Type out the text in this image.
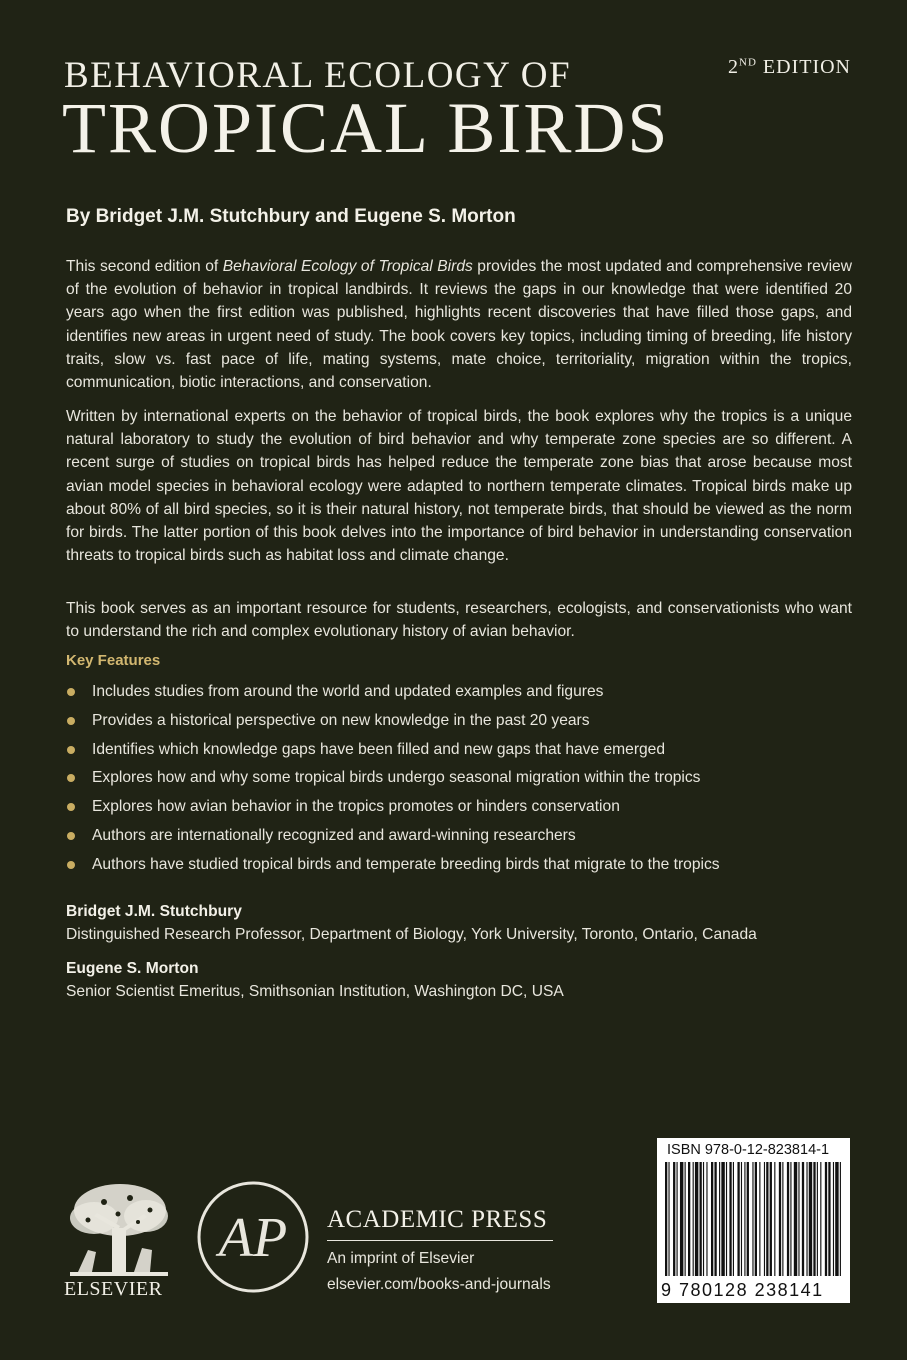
BEHAVIORAL ECOLOGY OF
TROPICAL BIRDS
2ND EDITION
By Bridget J.M. Stutchbury and Eugene S. Morton

This second edition of Behavioral Ecology of Tropical Birds provides the most updated and comprehensive review of the evolution of behavior in tropical landbirds. It reviews the gaps in our knowledge that were identified 20 years ago when the first edition was published, highlights recent discoveries that have filled those gaps, and identifies new areas in urgent need of study. The book covers key topics, including timing of breeding, life history traits, slow vs. fast pace of life, mating systems, mate choice, territoriality, migration within the tropics, communication, biotic interactions, and conservation.

Written by international experts on the behavior of tropical birds, the book explores why the tropics is a unique natural laboratory to study the evolution of bird behavior and why temperate zone species are so different. A recent surge of studies on tropical birds has helped reduce the temperate zone bias that arose because most avian model species in behavioral ecology were adapted to northern temperate climates. Tropical birds make up about 80% of all bird species, so it is their natural history, not temperate birds, that should be viewed as the norm for birds. The latter portion of this book delves into the importance of bird behavior in understanding conservation threats to tropical birds such as habitat loss and climate change.

This book serves as an important resource for students, researchers, ecologists, and conservationists who want to understand the rich and complex evolutionary history of avian behavior.

Key Features
Includes studies from around the world and updated examples and figures
Provides a historical perspective on new knowledge in the past 20 years
Identifies which knowledge gaps have been filled and new gaps that have emerged
Explores how and why some tropical birds undergo seasonal migration within the tropics
Explores how avian behavior in the tropics promotes or hinders conservation
Authors are internationally recognized and award-winning researchers
Authors have studied tropical birds and temperate breeding birds that migrate to the tropics
Bridget J.M. Stutchbury
Distinguished Research Professor, Department of Biology, York University, Toronto, Ontario, Canada
Eugene S. Morton
Senior Scientist Emeritus, Smithsonian Institution, Washington DC, USA
ELSEVIER
AP ACADEMIC PRESS
An imprint of Elsevier
elsevier.com/books-and-journals
ISBN 978-0-12-823814-1
9 780128 238141
